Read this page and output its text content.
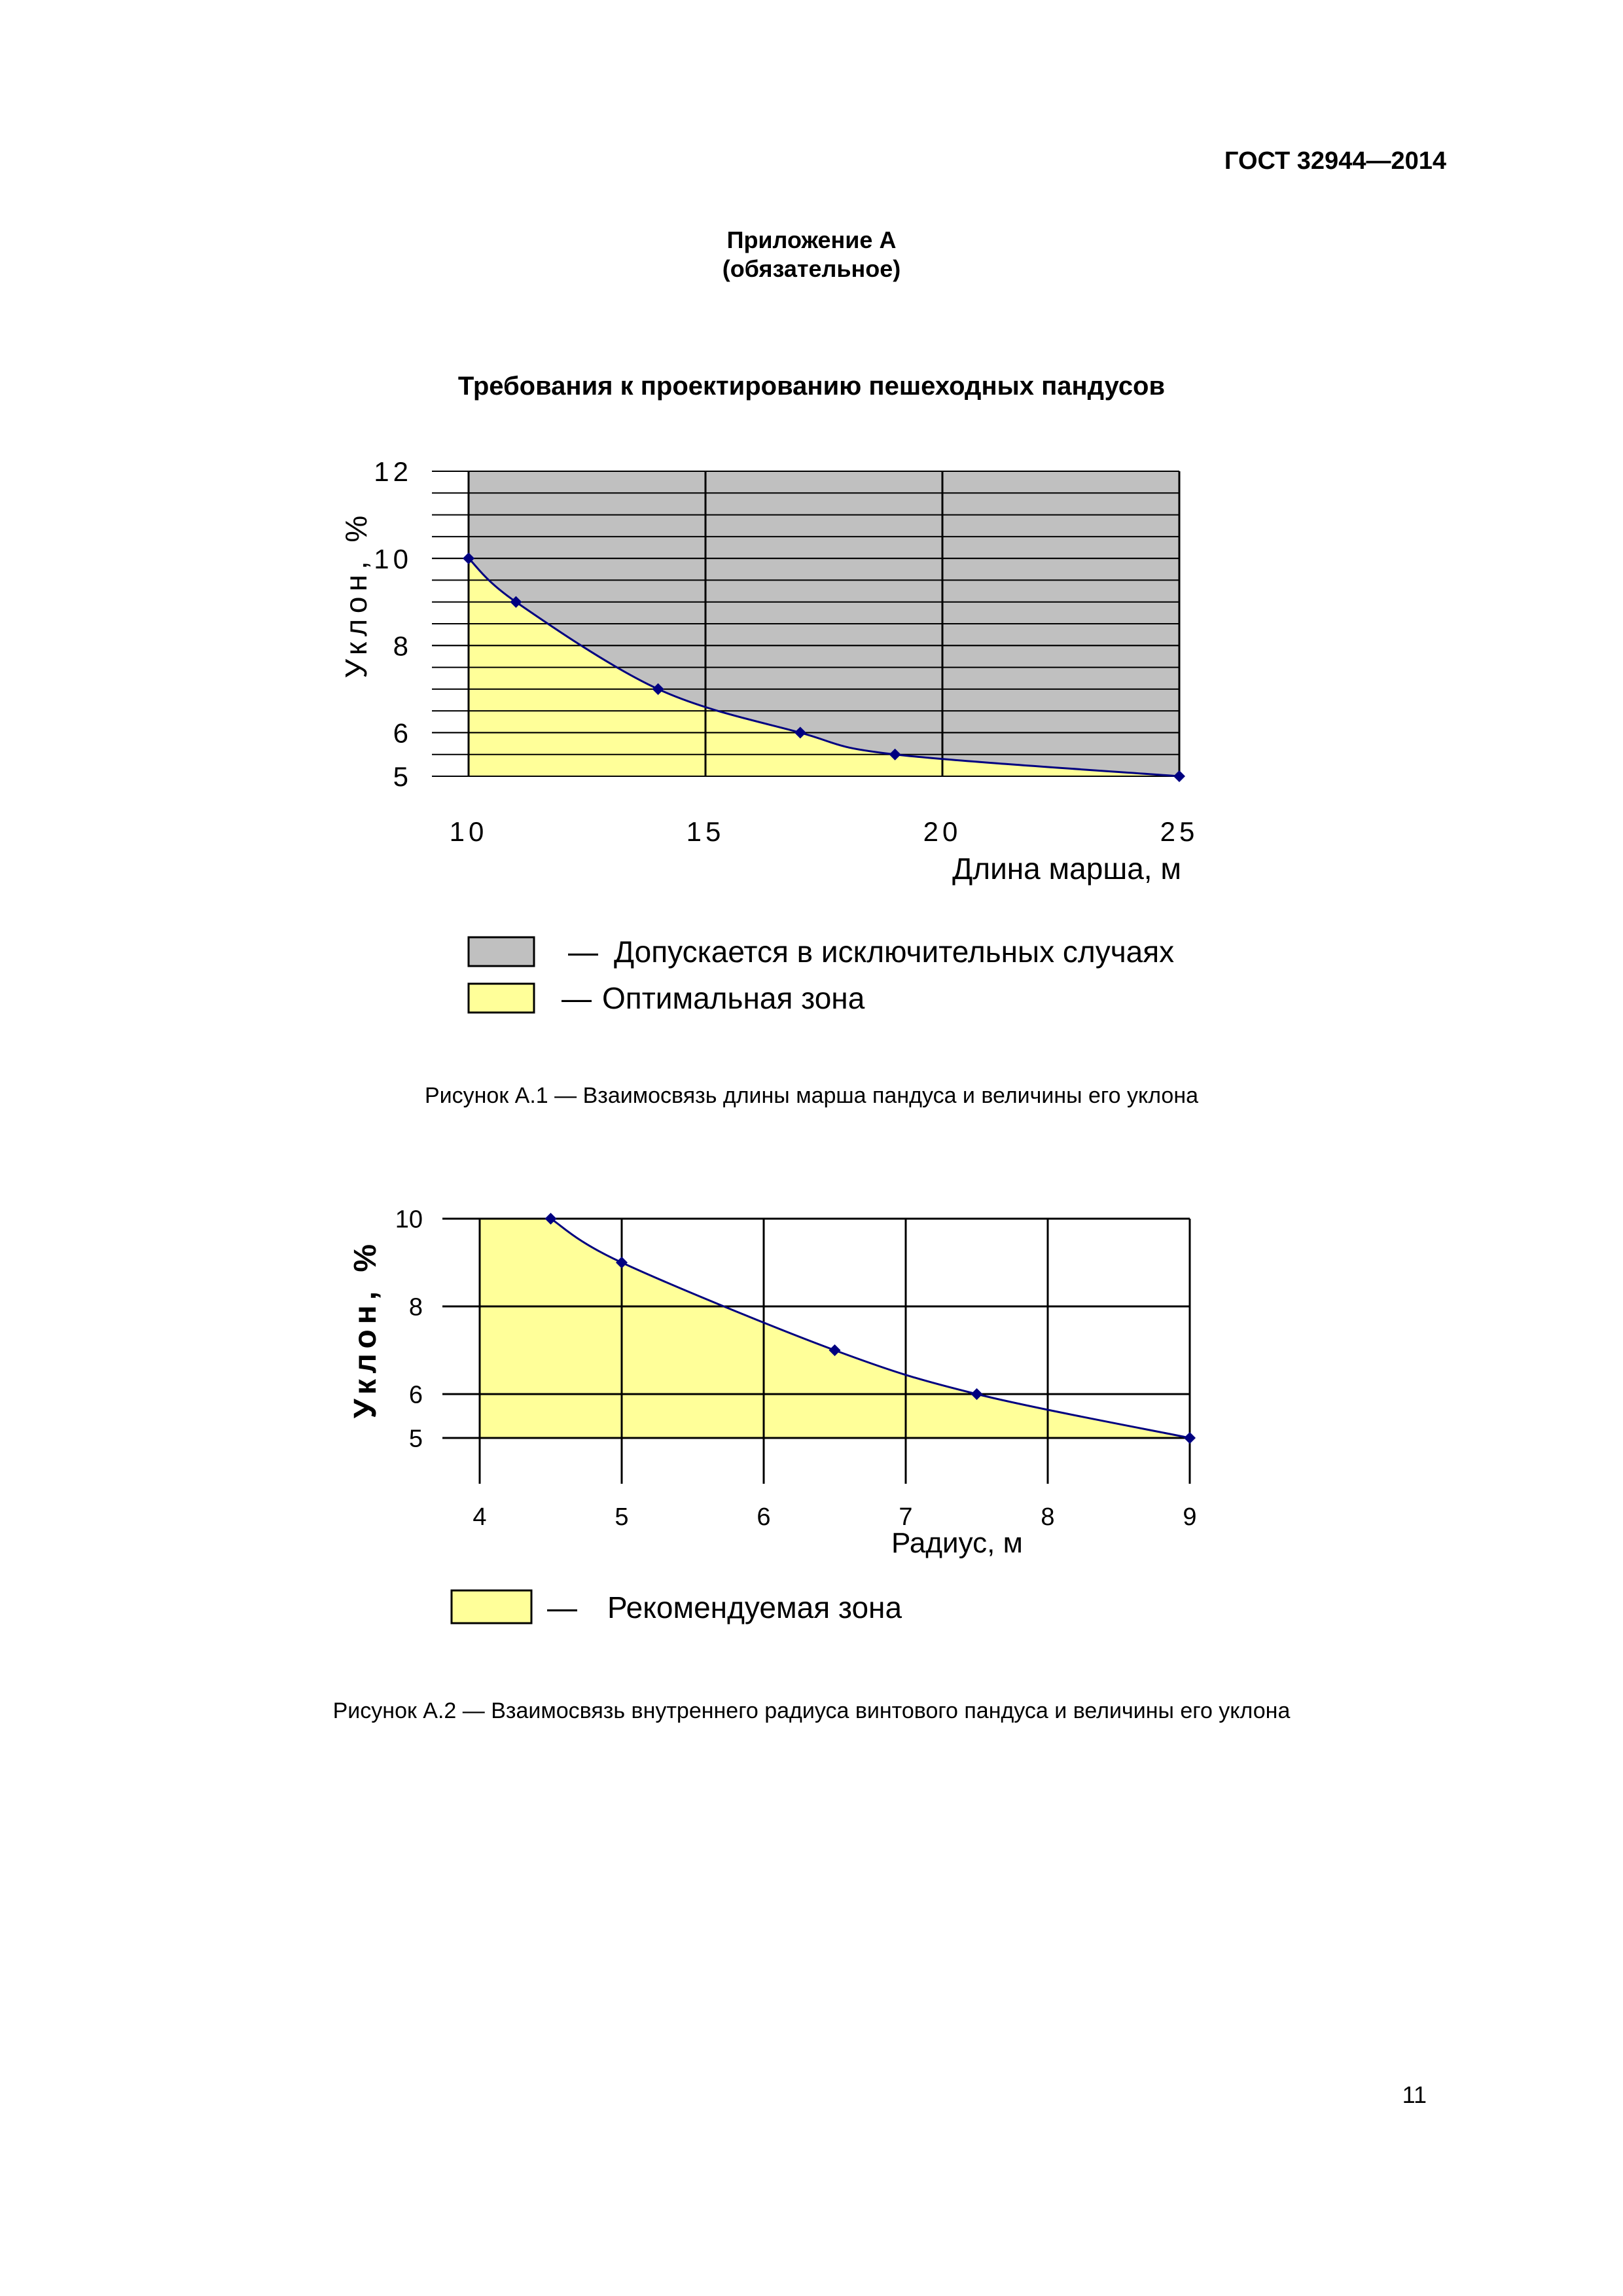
ГОСТ 32944—2014
Приложение А
(обязательное)
Требования к проектированию пешеходных пандусов
10	15	20	25
5
6
8
10
12
Длина марша, м
Уклон, %
— Допускается в исключительных случаях
— Оптимальная зона
Рисунок А.1 — Взаимосвязь длины марша пандуса и величины его уклона
4	5	6	7	8	9
5
6
8
10
Радиус, м
Уклон, %
— Рекомендуемая зона
Рисунок А.2 — Взаимосвязь внутреннего радиуса винтового пандуса и величины его уклона
11
